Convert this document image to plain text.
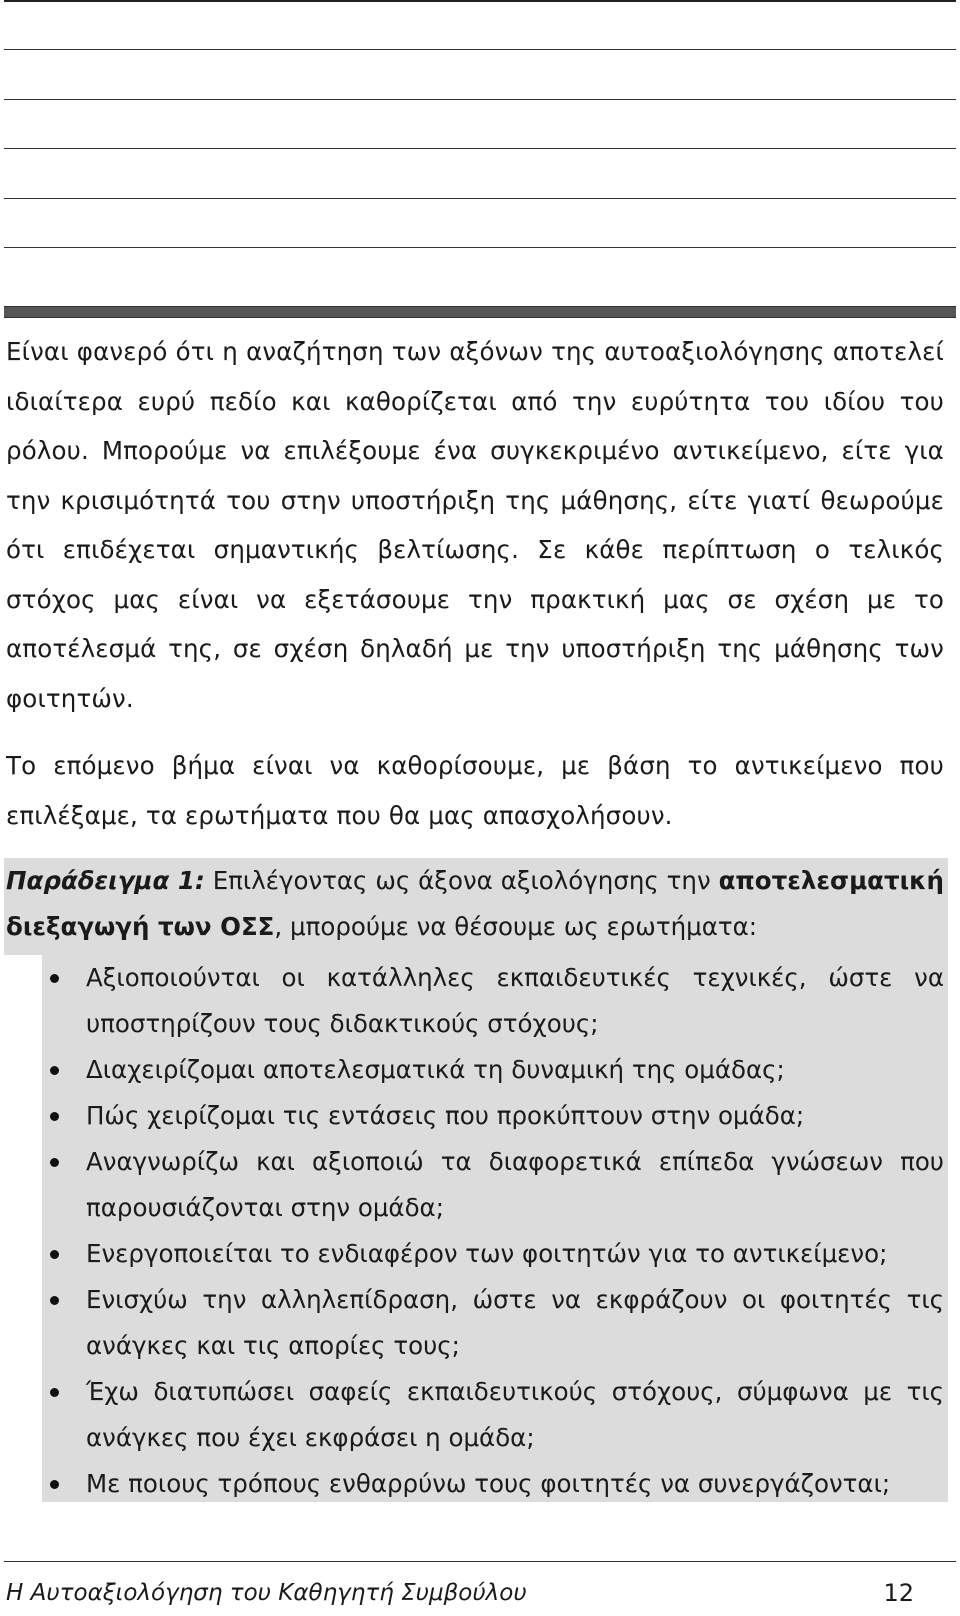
Είναι φανερό ότι η αναζήτηση των αξόνων της αυτοαξιολόγησης αποτελεί ιδιαίτερα ευρύ πεδίο και καθορίζεται από την ευρύτητα του ιδίου του ρόλου. Μπορούμε να επιλέξουμε ένα συγκεκριμένο αντικείμενο, είτε για την κρισιμότητά του στην υποστήριξη της μάθησης, είτε γιατί θεωρούμε ότι επιδέχεται σημαντικής βελτίωσης. Σε κάθε περίπτωση ο τελικός στόχος μας είναι να εξετάσουμε την πρακτική μας σε σχέση με το αποτέλεσμά της, σε σχέση δηλαδή με την υποστήριξη της μάθησης των φοιτητών.

Το επόμενο βήμα είναι να καθορίσουμε, με βάση το αντικείμενο που επιλέξαμε, τα ερωτήματα που θα μας απασχολήσουν.

Παράδειγμα 1: Επιλέγοντας ως άξονα αξιολόγησης την αποτελεσματική διεξαγωγή των ΟΣΣ, μπορούμε να θέσουμε ως ερωτήματα:

Αξιοποιούνται οι κατάλληλες εκπαιδευτικές τεχνικές, ώστε να υποστηρίζουν τους διδακτικούς στόχους;
Διαχειρίζομαι αποτελεσματικά τη δυναμική της ομάδας;
Πώς χειρίζομαι τις εντάσεις που προκύπτουν στην ομάδα;
Αναγνωρίζω και αξιοποιώ τα διαφορετικά επίπεδα γνώσεων που παρουσιάζονται στην ομάδα;
Ενεργοποιείται το ενδιαφέρον των φοιτητών για το αντικείμενο;
Ενισχύω την αλληλεπίδραση, ώστε να εκφράζουν οι φοιτητές τις ανάγκες και τις απορίες τους;
Έχω διατυπώσει σαφείς εκπαιδευτικούς στόχους, σύμφωνα με τις ανάγκες που έχει εκφράσει η ομάδα;
Με ποιους τρόπους ενθαρρύνω τους φοιτητές να συνεργάζονται;
Η Αυτοαξιολόγηση του Καθηγητή Συμβούλου	12
